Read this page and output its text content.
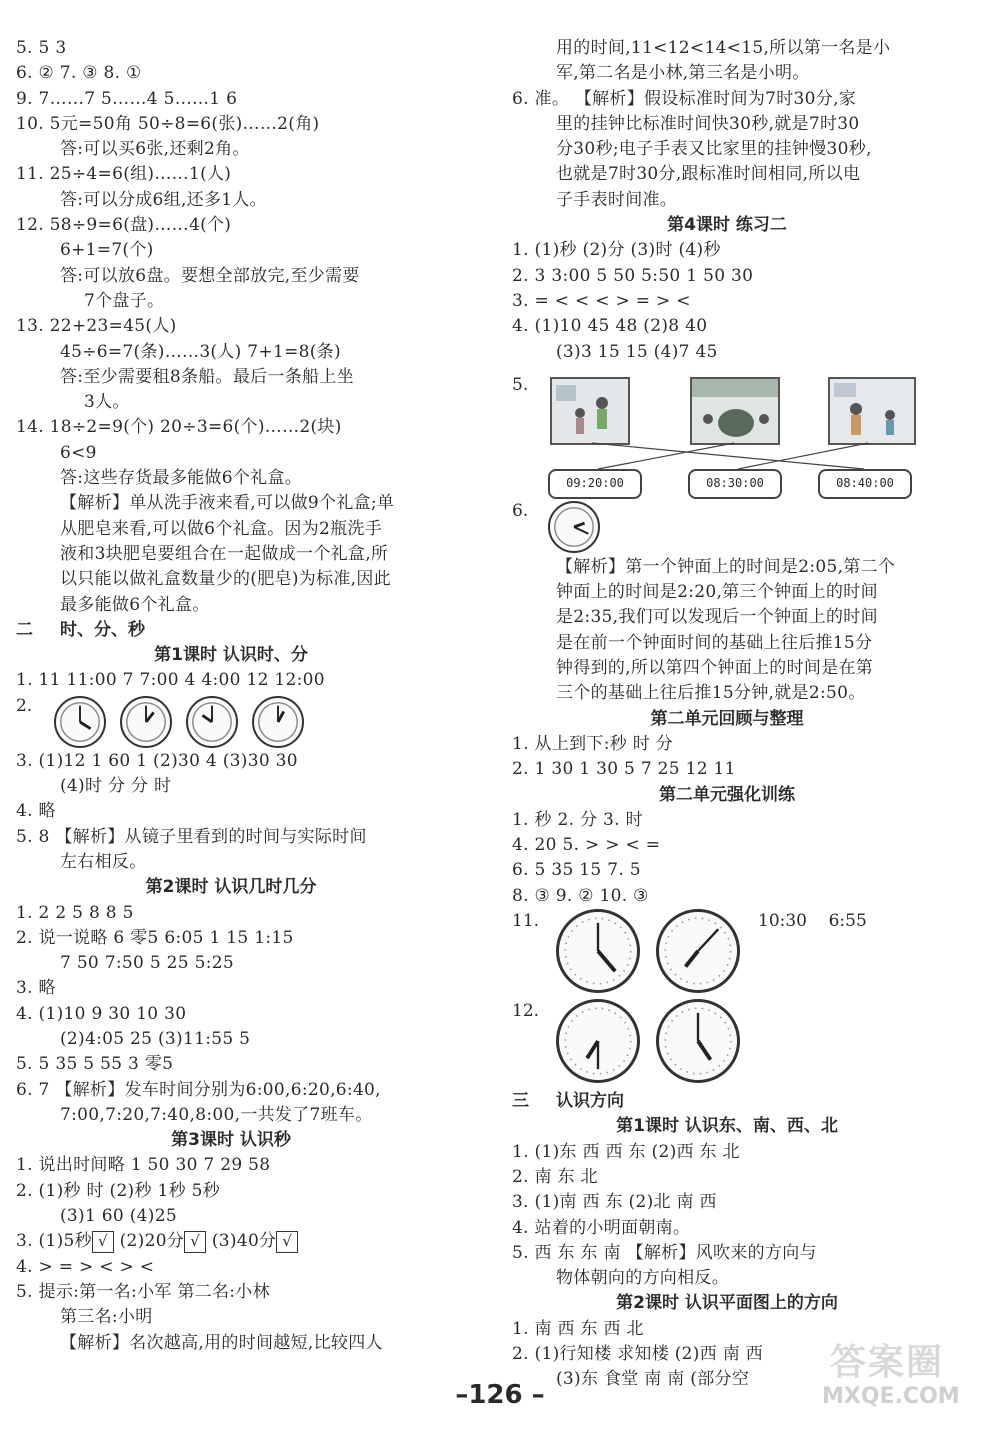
5. 5 3
6. ② 7. ③ 8. ①
9. 7……7 5……4 5……1 6
10. 5元=50角 50÷8=6(张)……2(角)
答:可以买6张,还剩2角。
11. 25÷4=6(组)……1(人)
答:可以分成6组,还多1人。
12. 58÷9=6(盘)……4(个)
6+1=7(个)
答:可以放6盘。要想全部放完,至少需要
7个盘子。
13. 22+23=45(人)
45÷6=7(条)……3(人) 7+1=8(条)
答:至少需要租8条船。最后一条船上坐
3人。
14. 18÷2=9(个) 20÷3=6(个)……2(块)
6<9
答:这些存货最多能做6个礼盒。
【解析】单从洗手液来看,可以做9个礼盒;单
从肥皂来看,可以做6个礼盒。因为2瓶洗手
液和3块肥皂要组合在一起做成一个礼盒,所
以只能以做礼盒数量少的(肥皂)为标准,因此
最多能做6个礼盒。
二 时、分、秒
第1课时 认识时、分
1. 11 11:00 7 7:00 4 4:00 12 12:00
2.
3. (1)12 1 60 1 (2)30 4 (3)30 30
(4)时 分 分 时
4. 略
5. 8 【解析】从镜子里看到的时间与实际时间
左右相反。
第2课时 认识几时几分
1. 2 2 5 8 8 5
2. 说一说略 6 零5 6:05 1 15 1:15
7 50 7:50 5 25 5:25
3. 略
4. (1)10 9 30 10 30
(2)4:05 25 (3)11:55 5
5. 5 35 5 55 3 零5
6. 7 【解析】发车时间分别为6:00,6:20,6:40,
7:00,7:20,7:40,8:00,一共发了7班车。
第3课时 认识秒
1. 说出时间略 1 50 30 7 29 58
2. (1)秒 时 (2)秒 1秒 5秒
(3)1 60 (4)25
3. (1)5秒 √ (2)20分 √ (3)40分 √
4. > = > < > <
5. 提示:第一名:小军 第二名:小林
第三名:小明
【解析】名次越高,用的时间越短,比较四人
用的时间,11<12<14<15,所以第一名是小
军,第二名是小林,第三名是小明。
6. 准。 【解析】假设标准时间为7时30分,家
里的挂钟比标准时间快30秒,就是7时30
分30秒;电子手表又比家里的挂钟慢30秒,
也就是7时30分,跟标准时间相同,所以电
子手表时间准。
第4课时 练习二
1. (1)秒 (2)分 (3)时 (4)秒
2. 3 3:00 5 50 5:50 1 50 30
3. = < < < > = > <
4. (1)10 45 48 (2)8 40
(3)3 15 15 (4)7 45
5.
09:20:00	08:30:00	08:40:00
6.
【解析】第一个钟面上的时间是2:05,第二个
钟面上的时间是2:20,第三个钟面上的时间
是2:35,我们可以发现后一个钟面上的时间
是在前一个钟面时间的基础上往后推15分
钟得到的,所以第四个钟面上的时间是在第
三个的基础上往后推15分钟,就是2:50。
第二单元回顾与整理
1. 从上到下:秒 时 分
2. 1 30 1 30 5 7 25 12 11
第二单元强化训练
1. 秒 2. 分 3. 时
4. 20 5. > > < =
6. 5 35 15 7. 5
8. ③ 9. ② 10. ③
11.	10:30    6:55
12.
三 认识方向
第1课时 认识东、南、西、北
1. (1)东 西 西 东 (2)西 东 北
2. 南 东 北
3. (1)南 西 东 (2)北 南 西
4. 站着的小明面朝南。
5. 西 东 东 南 【解析】风吹来的方向与
物体朝向的方向相反。
第2课时 认识平面图上的方向
1. 南 西 东 西 北
2. (1)行知楼 求知楼 (2)西 南 西
(3)东 食堂 南 南 (部分空
–126 –
答案圈
MXQE.COM
